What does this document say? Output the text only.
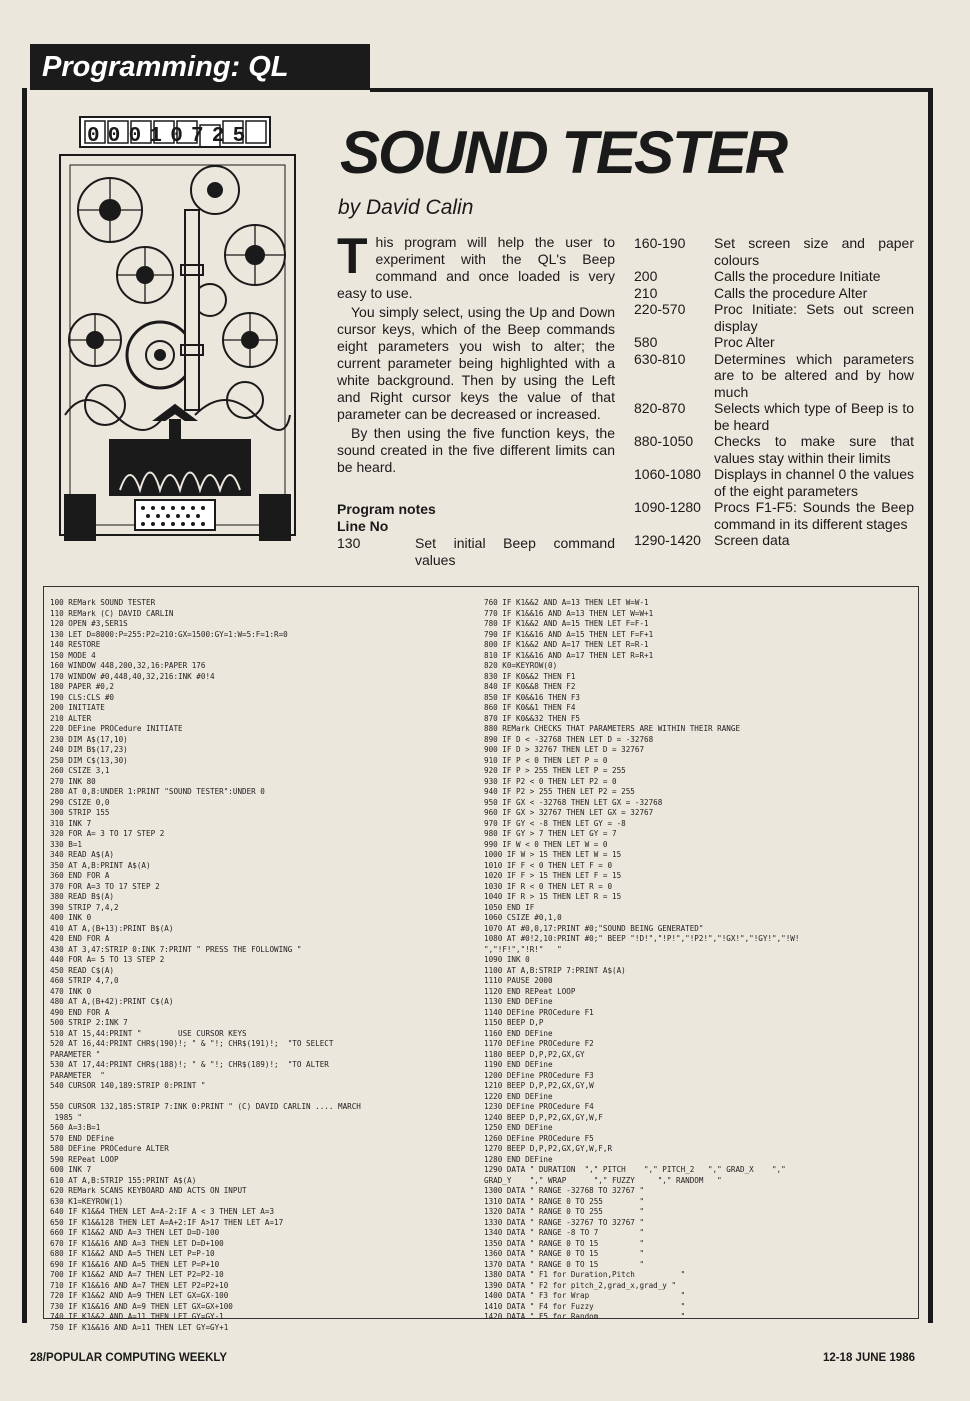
Programming: QL
00010725 SOUND TESTER
by David Calin

This program will help the user to experiment with the QL's Beep command and once loaded is very easy to use.

You simply select, using the Up and Down cursor keys, which of the Beep commands eight parameters you wish to alter; the current parameter being highlighted with a white background. Then by using the Left and Right cursor keys the value of that parameter can be decreased or increased.

By then using the five function keys, the sound created in the five different limits can be heard.

Program notes
Line No
130	Set initial Beep command values
160-190	Set screen size and paper colours
200	Calls the procedure Initiate
210	Calls the procedure Alter
220-570	Proc Initiate: Sets out screen display
580	Proc Alter
630-810	Determines which parameters are to be altered and by how much
820-870	Selects which type of Beep is to be heard
880-1050	Checks to make sure that values stay within their limits
1060-1080	Displays in channel 0 the values of the eight parameters
1090-1280	Procs F1-F5: Sounds the Beep command in its different stages
1290-1420	Screen data
100 REMark SOUND TESTER
110 REMark (C) DAVID CARLIN
120 OPEN #3,SER1S
130 LET D=8000:P=255:P2=210:GX=1500:GY=1:W=5:F=1:R=0
140 RESTORE
150 MODE 4
160 WINDOW 448,200,32,16:PAPER 176
170 WINDOW #0,448,40,32,216:INK #0!4
180 PAPER #0,2
190 CLS:CLS #0
200 INITIATE
210 ALTER
220 DEFine PROCedure INITIATE
230 DIM A$(17,10)
240 DIM B$(17,23)
250 DIM C$(13,30)
260 CSIZE 3,1
270 INK 80
280 AT 0,8:UNDER 1:PRINT "SOUND TESTER":UNDER 0
290 CSIZE 0,0
300 STRIP 155
310 INK 7
320 FOR A= 3 TO 17 STEP 2
330 B=1
340 READ A$(A)
350 AT A,B:PRINT A$(A)
360 END FOR A
370 FOR A=3 TO 17 STEP 2
380 READ B$(A)
390 STRIP 7,4,2
400 INK 0
410 AT A,(B+13):PRINT B$(A)
420 END FOR A
430 AT 3,47:STRIP 0:INK 7:PRINT " PRESS THE FOLLOWING "
440 FOR A= 5 TO 13 STEP 2
450 READ C$(A)
460 STRIP 4,7,0
470 INK 0
480 AT A,(B+42):PRINT C$(A)
490 END FOR A
500 STRIP 2:INK 7
510 AT 15,44:PRINT "        USE CURSOR KEYS
520 AT 16,44:PRINT CHR$(190)!; " & "!; CHR$(191)!;  "TO SELECT
PARAMETER "
530 AT 17,44:PRINT CHR$(188)!; " & "!; CHR$(189)!;  "TO ALTER
PARAMETER  "
540 CURSOR 140,189:STRIP 0:PRINT "

550 CURSOR 132,185:STRIP 7:INK 0:PRINT " (C) DAVID CARLIN .... MARCH
1985 "
560 A=3:B=1
570 END DEFine
580 DEFine PROCedure ALTER
590 REPeat LOOP
600 INK 7
610 AT A,B:STRIP 155:PRINT A$(A)
620 REMark SCANS KEYBOARD AND ACTS ON INPUT
630 K1=KEYROW(1)
640 IF K1&&4 THEN LET A=A-2:IF A < 3 THEN LET A=3
650 IF K1&&128 THEN LET A=A+2:IF A>17 THEN LET A=17
660 IF K1&&2 AND A=3 THEN LET D=D-100
670 IF K1&&16 AND A=3 THEN LET D=D+100
680 IF K1&&2 AND A=5 THEN LET P=P-10
690 IF K1&&16 AND A=5 THEN LET P=P+10
700 IF K1&&2 AND A=7 THEN LET P2=P2-10
710 IF K1&&16 AND A=7 THEN LET P2=P2+10
720 IF K1&&2 AND A=9 THEN LET GX=GX-100
730 IF K1&&16 AND A=9 THEN LET GX=GX+100
740 IF K1&&2 AND A=11 THEN LET GY=GY-1
750 IF K1&&16 AND A=11 THEN LET GY=GY+1
760 IF K1&&2 AND A=13 THEN LET W=W-1
770 IF K1&&16 AND A=13 THEN LET W=W+1
780 IF K1&&2 AND A=15 THEN LET F=F-1
790 IF K1&&16 AND A=15 THEN LET F=F+1
800 IF K1&&2 AND A=17 THEN LET R=R-1
810 IF K1&&16 AND A=17 THEN LET R=R+1
820 K0=KEYROW(0)
830 IF K0&&2 THEN F1
840 IF K0&&8 THEN F2
850 IF K0&&16 THEN F3
860 IF K0&&1 THEN F4
870 IF K0&&32 THEN F5
880 REMark CHECKS THAT PARAMETERS ARE WITHIN THEIR RANGE
890 IF D < -32768 THEN LET D = -32768
900 IF D > 32767 THEN LET D = 32767
910 IF P < 0 THEN LET P = 0
920 IF P > 255 THEN LET P = 255
930 IF P2 < 0 THEN LET P2 = 0
940 IF P2 > 255 THEN LET P2 = 255
950 IF GX < -32768 THEN LET GX = -32768
960 IF GX > 32767 THEN LET GX = 32767
970 IF GY < -8 THEN LET GY = -8
980 IF GY > 7 THEN LET GY = 7
990 IF W < 0 THEN LET W = 0
1000 IF W > 15 THEN LET W = 15
1010 IF F < 0 THEN LET F = 0
1020 IF F > 15 THEN LET F = 15
1030 IF R < 0 THEN LET R = 0
1040 IF R > 15 THEN LET R = 15
1050 END IF
1060 CSIZE #0,1,0
1070 AT #0,0,17:PRINT #0;"SOUND BEING GENERATED"
1080 AT #0!2,10:PRINT #0;" BEEP "!D!","!P!","!P2!","!GX!","!GY!","!W!
","!F!","!R!"   "
1090 INK 0
1100 AT A,B:STRIP 7:PRINT A$(A)
1110 PAUSE 2000
1120 END REPeat LOOP
1130 END DEFine
1140 DEFine PROCedure F1
1150 BEEP D,P
1160 END DEFine
1170 DEFine PROCedure F2
1180 BEEP D,P,P2,GX,GY
1190 END DEFine
1200 DEFine PROCedure F3
1210 BEEP D,P,P2,GX,GY,W
1220 END DEFine
1230 DEFine PROCedure F4
1240 BEEP D,P,P2,GX,GY,W,F
1250 END DEFine
1260 DEFine PROCedure F5
1270 BEEP D,P,P2,GX,GY,W,F,R
1280 END DEFine
1290 DATA " DURATION  "," PITCH    "," PITCH_2   "," GRAD_X    ","
GRAD_Y    "," WRAP      "," FUZZY     "," RANDOM   "
1300 DATA " RANGE -32768 TO 32767 "
1310 DATA " RANGE 0 TO 255        "
1320 DATA " RANGE 0 TO 255        "
1330 DATA " RANGE -32767 TO 32767 "
1340 DATA " RANGE -8 TO 7         "
1350 DATA " RANGE 0 TO 15         "
1360 DATA " RANGE 0 TO 15         "
1370 DATA " RANGE 0 TO 15         "
1380 DATA " F1 for Duration,Pitch          "
1390 DATA " F2 for pitch_2,grad_x,grad_y "
1400 DATA " F3 for Wrap                    "
1410 DATA " F4 for Fuzzy                   "
1420 DATA " F5 for Random                  "
28/POPULAR COMPUTING WEEKLY	12-18 JUNE 1986
